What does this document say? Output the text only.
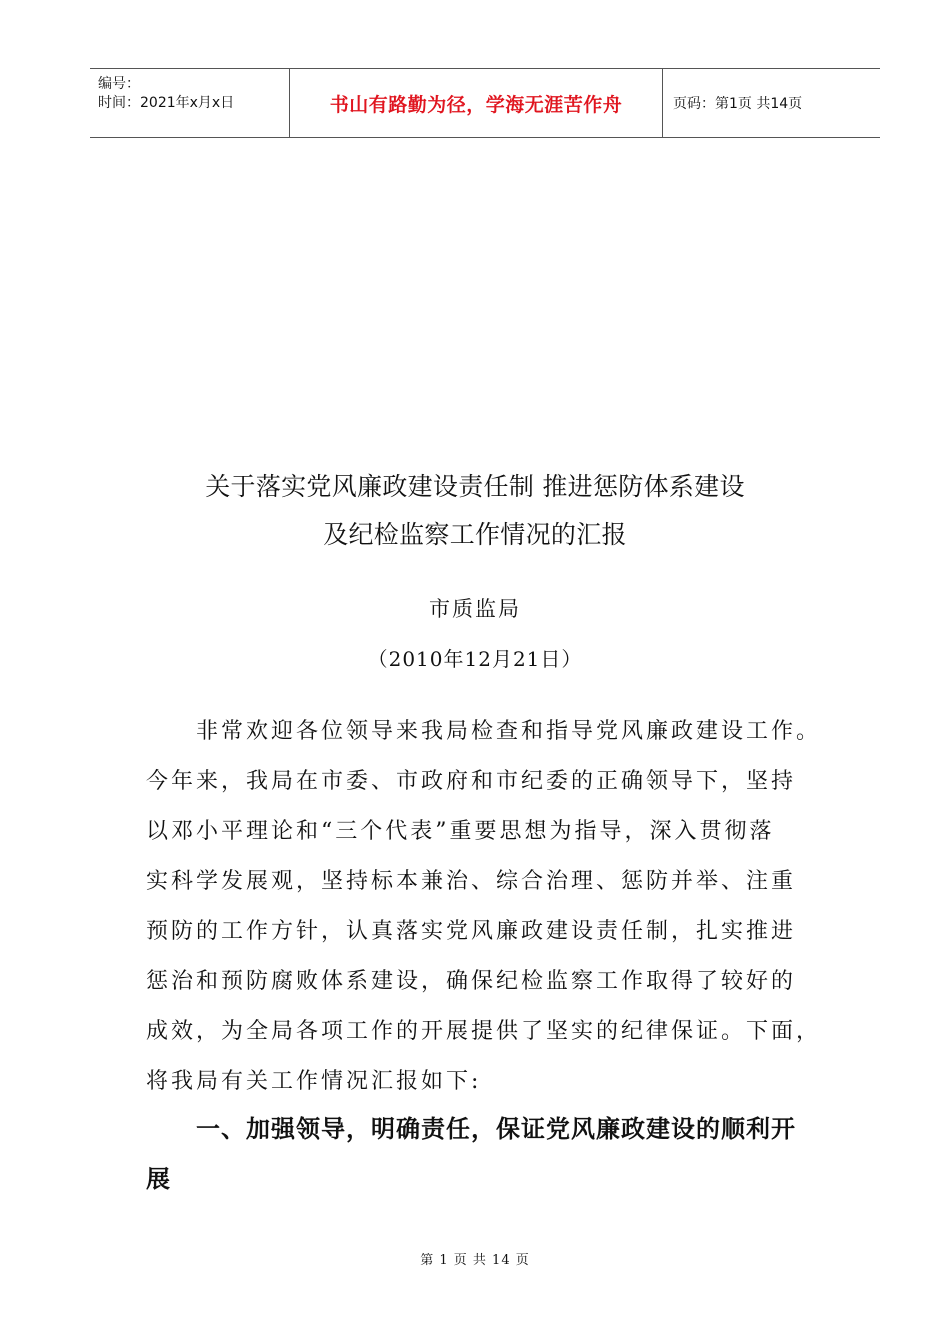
编号：
时间：2021年x月x日	书山有路勤为径，学海无涯苦作舟	页码：第1页 共14页
关于落实党风廉政建设责任制 推进惩防体系建设
及纪检监察工作情况的汇报
市质监局
（2010年12月21日）

　　非常欢迎各位领导来我局检查和指导党风廉政建设工作。
今年来，我局在市委、市政府和市纪委的正确领导下，坚持
以邓小平理论和“三个代表”重要思想为指导，深入贯彻落
实科学发展观，坚持标本兼治、综合治理、惩防并举、注重
预防的工作方针，认真落实党风廉政建设责任制，扎实推进
惩治和预防腐败体系建设，确保纪检监察工作取得了较好的
成效，为全局各项工作的开展提供了坚实的纪律保证。下面，
将我局有关工作情况汇报如下:

一、加强领导，明确责任，保证党风廉政建设的顺利开
展
第 1 页 共 14 页
